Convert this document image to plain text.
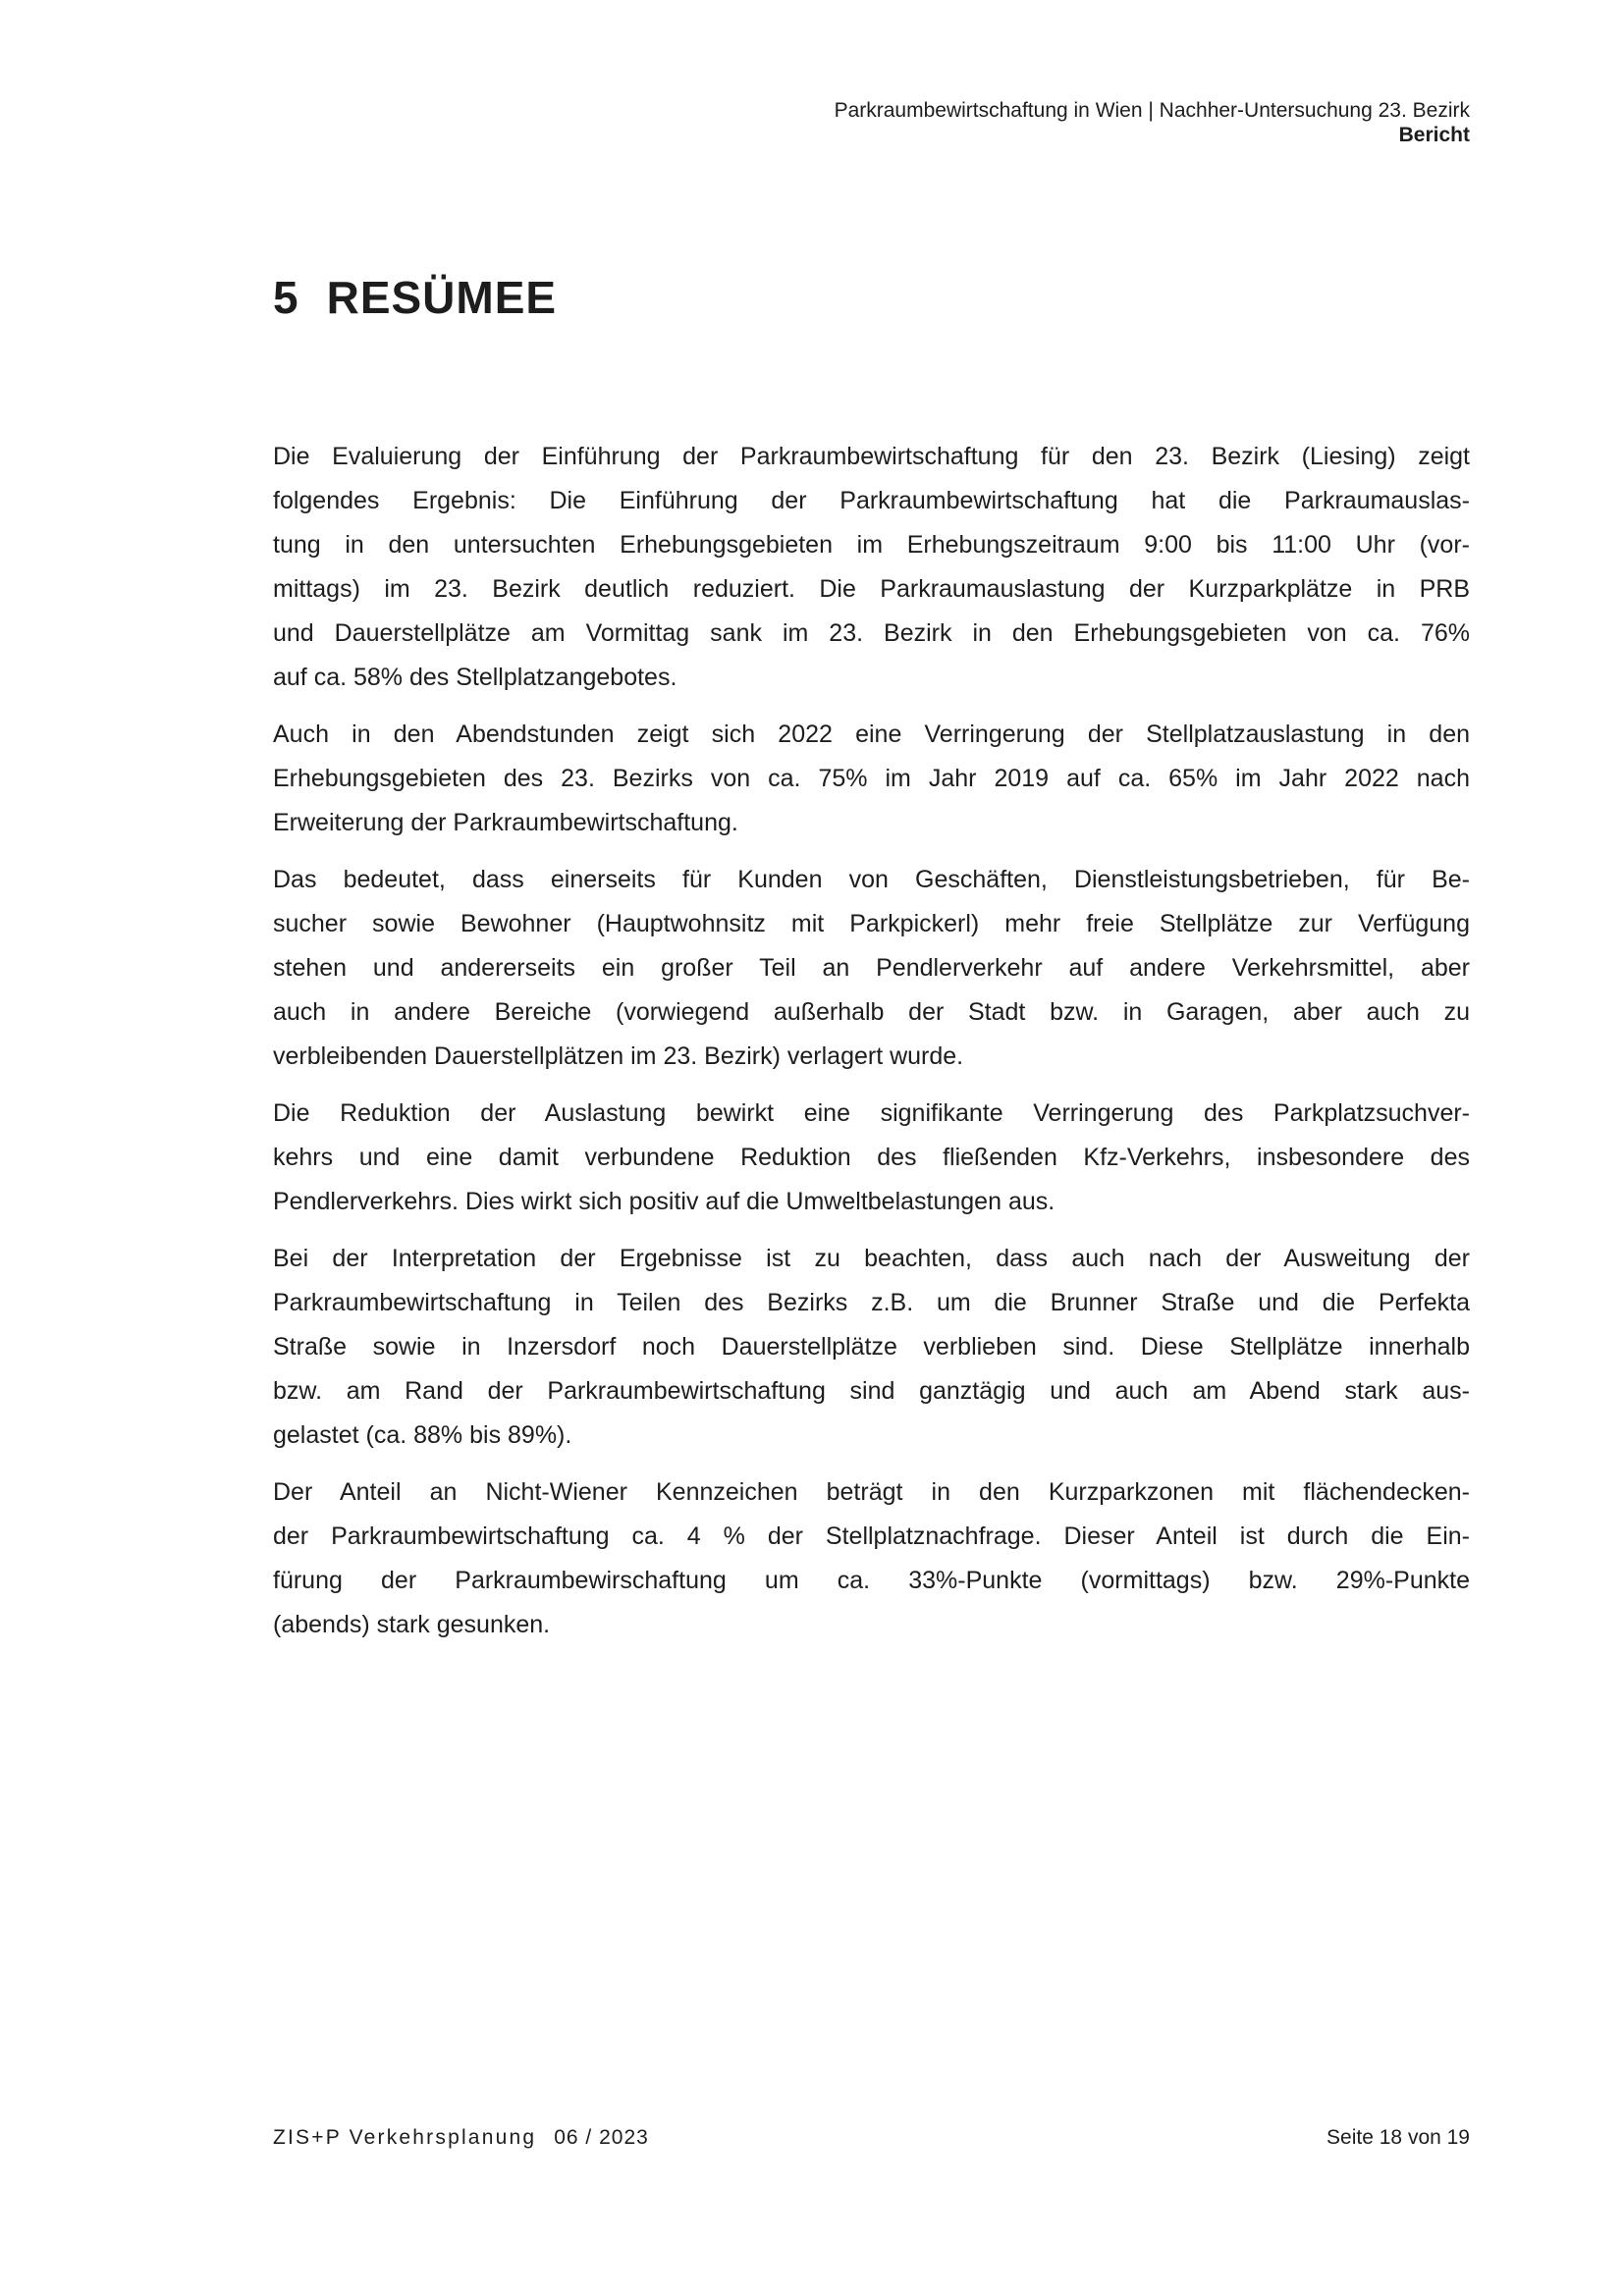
Parkraumbewirtschaftung in Wien | Nachher-Untersuchung 23. Bezirk
Bericht
5 RESÜMEE
Die Evaluierung der Einführung der Parkraumbewirtschaftung für den 23. Bezirk (Liesing) zeigt
folgendes Ergebnis: Die Einführung der Parkraumbewirtschaftung hat die Parkraumauslas-
tung in den untersuchten Erhebungsgebieten im Erhebungszeitraum 9:00 bis 11:00 Uhr (vor-
mittags) im 23. Bezirk deutlich reduziert. Die Parkraumauslastung der Kurzparkplätze in PRB
und Dauerstellplätze am Vormittag sank im 23. Bezirk in den Erhebungsgebieten von ca. 76%
auf ca. 58% des Stellplatzangebotes.
Auch in den Abendstunden zeigt sich 2022 eine Verringerung der Stellplatzauslastung in den
Erhebungsgebieten des 23. Bezirks von ca. 75% im Jahr 2019 auf ca. 65% im Jahr 2022 nach
Erweiterung der Parkraumbewirtschaftung.
Das bedeutet, dass einerseits für Kunden von Geschäften, Dienstleistungsbetrieben, für Be-
sucher sowie Bewohner (Hauptwohnsitz mit Parkpickerl) mehr freie Stellplätze zur Verfügung
stehen und andererseits ein großer Teil an Pendlerverkehr auf andere Verkehrsmittel, aber
auch in andere Bereiche (vorwiegend außerhalb der Stadt bzw. in Garagen, aber auch zu
verbleibenden Dauerstellplätzen im 23. Bezirk) verlagert wurde.
Die Reduktion der Auslastung bewirkt eine signifikante Verringerung des Parkplatzsuchver-
kehrs und eine damit verbundene Reduktion des fließenden Kfz-Verkehrs, insbesondere des
Pendlerverkehrs. Dies wirkt sich positiv auf die Umweltbelastungen aus.
Bei der Interpretation der Ergebnisse ist zu beachten, dass auch nach der Ausweitung der
Parkraumbewirtschaftung in Teilen des Bezirks z.B. um die Brunner Straße und die Perfekta
Straße sowie in Inzersdorf noch Dauerstellplätze verblieben sind. Diese Stellplätze innerhalb
bzw. am Rand der Parkraumbewirtschaftung sind ganztägig und auch am Abend stark aus-
gelastet (ca. 88% bis 89%).
Der Anteil an Nicht-Wiener Kennzeichen beträgt in den Kurzparkzonen mit flächendecken-
der Parkraumbewirtschaftung ca. 4 % der Stellplatznachfrage. Dieser Anteil ist durch die Ein-
fürung der Parkraumbewirschaftung um ca. 33%-Punkte (vormittags) bzw. 29%-Punkte
(abends) stark gesunken.
ZIS+P Verkehrsplanung 06 / 2023	Seite 18 von 19
